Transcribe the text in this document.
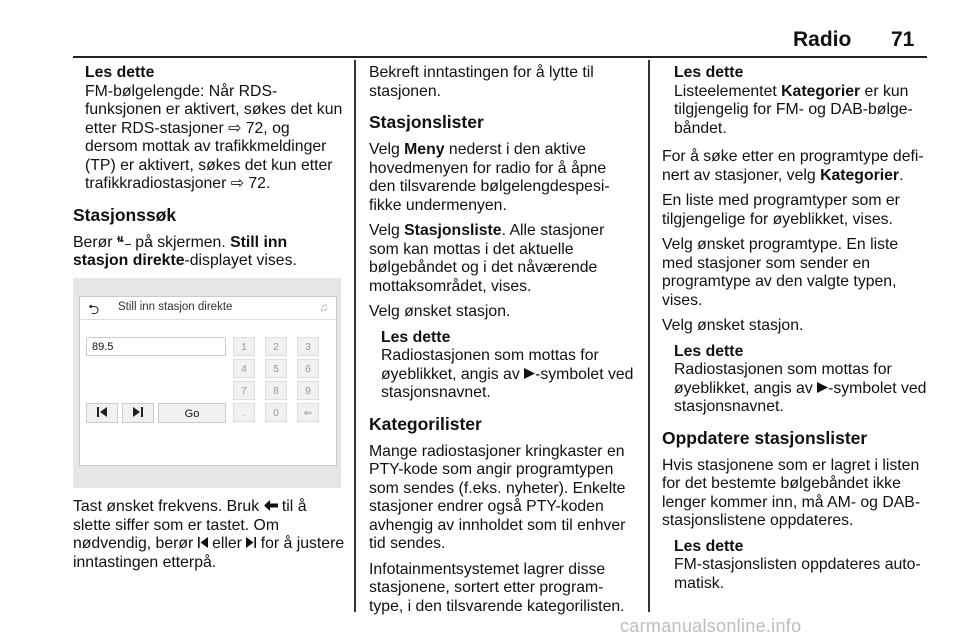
Radio 71
Les dette
FM-bølgelengde: Når RDS-funksjonen er aktivert, søkes det kun etter RDS-stasjoner ⇨ 72, og dersom mottak av trafikkmeldinger (TP) er aktivert, søkes det kun etter trafikkradiostasjoner ⇨ 72.
Stasjonssøk

Berør på skjermen. Still inn stasjon direkte-displayet vises.

⮌ Still inn stasjon direkte	♫
89.5	1	2	3
4	5	6
7	8	9
.	0	⇐
Go

Tast ønsket frekvens. Bruk til å slette siffer som er tastet. Om nødvendig, berør eller for å justere inntastingen etterpå.

Bekreft inntastingen for å lytte til stasjonen.

Stasjonslister

Velg Meny nederst i den aktive hovedmenyen for radio for å åpne den tilsvarende bølgelengdespesi-fikke undermenyen.

Velg Stasjonsliste. Alle stasjoner som kan mottas i det aktuelle bølgebåndet og i det nåværende mottaksområdet, vises.

Velg ønsket stasjon.

Les dette
Radiostasjonen som mottas for øyeblikket, angis av -symbolet ved stasjonsnavnet.
Kategorilister

Mange radiostasjoner kringkaster en PTY-kode som angir programtypen som sendes (f.eks. nyheter). Enkelte stasjoner endrer også PTY-koden avhengig av innholdet som til enhver tid sendes.

Infotainmentsystemet lagrer disse stasjonene, sortert etter program-type, i den tilsvarende kategorilisten.

Les dette
Listeelementet Kategorier er kun tilgjengelig for FM- og DAB-bølge-båndet.

For å søke etter en programtype defi-nert av stasjoner, velg Kategorier.

En liste med programtyper som er tilgjengelige for øyeblikket, vises.

Velg ønsket programtype. En liste med stasjoner som sender en programtype av den valgte typen, vises.

Velg ønsket stasjon.

Les dette
Radiostasjonen som mottas for øyeblikket, angis av -symbolet ved stasjonsnavnet.
Oppdatere stasjonslister

Hvis stasjonene som er lagret i listen for det bestemte bølgebåndet ikke lenger kommer inn, må AM- og DAB-stasjonslistene oppdateres.

Les dette
FM-stasjonslisten oppdateres auto-matisk.
carmanualsonline.info
